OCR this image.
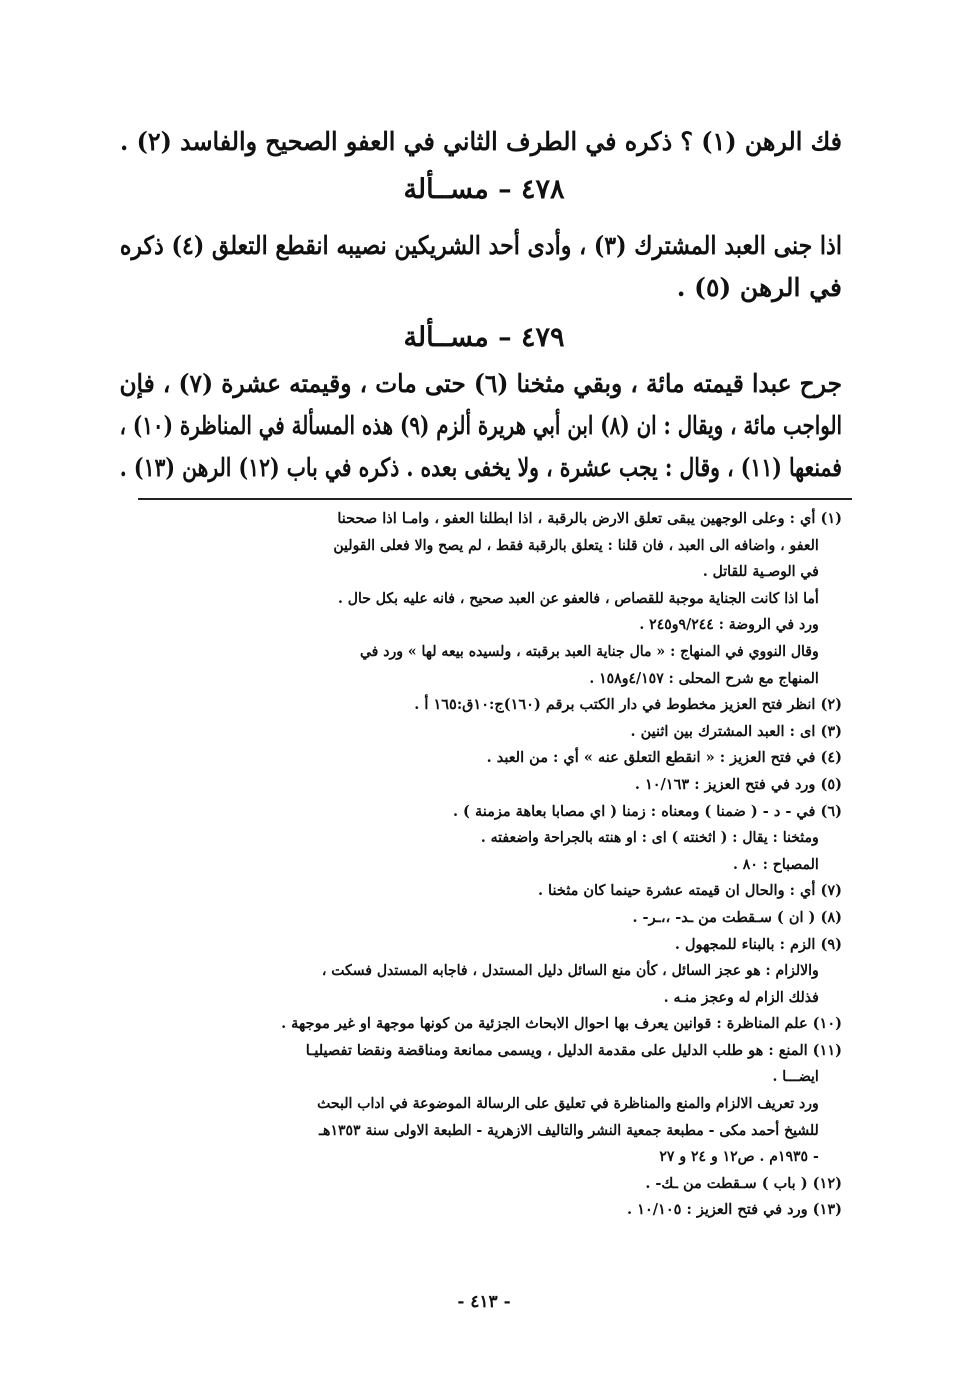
فك الرهن (١) ؟ ذكره في الطرف الثاني في العفو الصحيح والفاسد (٢) .
٤٧٨ – مســألة
اذا جنى العبد المشترك (٣) ، وأدى أحد الشريكين نصيبه انقطع التعلق (٤) ذكره
في الرهن (٥) .
٤٧٩ – مســألة
جرح عبدا قيمته مائة ، وبقي مثخنا (٦) حتى مات ، وقيمته عشرة (٧) ، فإن
الواجب مائة ، ويقال : ان (٨) ابن أبي هريرة ألزم (٩) هذه المسألة في المناظرة (١٠) ،
فمنعها (١١) ، وقال : يجب عشرة ، ولا يخفى بعده . ذكره في باب (١٢) الرهن (١٣) .
(١) أي : وعلى الوجهين يبقى تعلق الارض بالرقبة ، اذا ابطلنا العفو ، وامـا اذا صححنا
العفو ، واضافه الى العبد ، فان قلنا : يتعلق بالرقبة فقط ، لم يصح والا فعلى القولين
في الوصـية للقاتل .
أما اذا كانت الجناية موجبة للقصاص ، فالعفو عن العبد صحيح ، فانه عليه بكل حال .
ورد في الروضة : ٩/٢٤٤و٢٤٥ .
وقال النووي في المنهاج : « مال جناية العبد برقبته ، ولسيده بيعه لها » ورد في
المنهاج مع شرح المحلى : ٤/١٥٧و١٥٨ .
(٢) انظر فتح العزيز مخطوط في دار الكتب برقم (١٦٠)ج:١٠ق:١٦٥ أ .
(٣) اى : العبد المشترك بين اثنين .
(٤) في فتح العزيز : « انقطع التعلق عنه » أي : من العبد .
(٥) ورد في فتح العزيز : ١٠/١٦٣ .
(٦) في - د - ( ضمنا ) ومعناه : زمنا ( اي مصابا بعاهة مزمنة ) .
ومثخنا : يقال : ( اثخنته ) اى : او هنته بالجراحة واضعفته .
المصباح : ٨٠ .
(٧) أي : والحال ان قيمته عشرة حينما كان مثخنا .
(٨) ( ان ) سـقطت من ـد- ،،ـر- .
(٩) الزم : بالبناء للمجهول .
والالزام : هو عجز السائل ، كأن منع السائل دليل المستدل ، فاجابه المستدل فسكت ،
فذلك الزام له وعجز منـه .
(١٠) علم المناظرة : قوانين يعرف بها احوال الابحاث الجزئية من كونها موجهة او غير موجهة .
(١١) المنع : هو طلب الدليل على مقدمة الدليل ، ويسمى ممانعة ومناقضة ونقضا تفصيليـا
ايضـــا .
ورد تعريف الالزام والمنع والمناظرة في تعليق على الرسالة الموضوعة في اداب البحث
للشيخ أحمد مكى - مطبعة جمعية النشر والتاليف الازهرية - الطبعة الاولى سنة ١٣٥٣هـ
- ١٩٣٥م . ص١٢ و ٢٤ و ٢٧
(١٢) ( باب ) سـقطت من ـك- .
(١٣) ورد في فتح العزيز : ١٠/١٠٥ .
- ٤١٣ -
